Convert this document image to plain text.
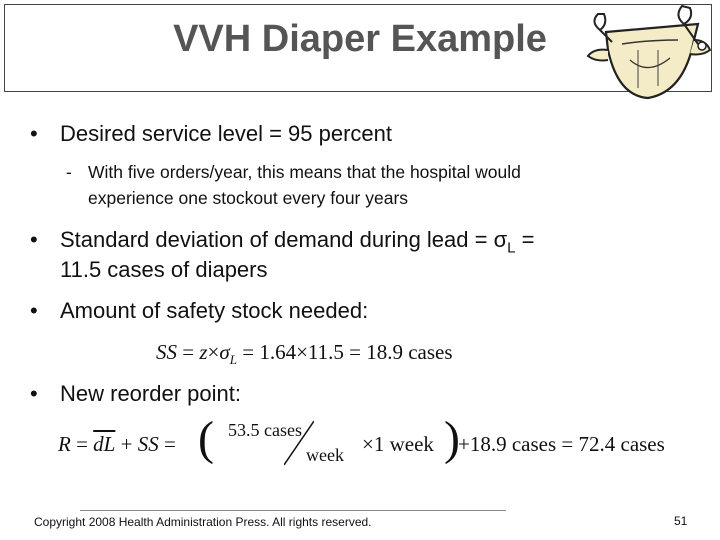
VVH Diaper Example
• Desired service level = 95 percent
- With five orders/year, this means that the hospital would
experience one stockout every four years
• Standard deviation of demand during lead = $\sigma_L$ =
11.5 cases of diapers
• Amount of safety stock needed:
SS = $z\times\sigma_L = 1.64\times 11.5 = 18.9$ cases
• New reorder point:
$R = \overline{dL}$ + SS = ( 53.5 cases
week ×1 week )
+18.9 cases = 72.4 cases
Copyright 2008 Health Administration Press. All rights reserved.	51
